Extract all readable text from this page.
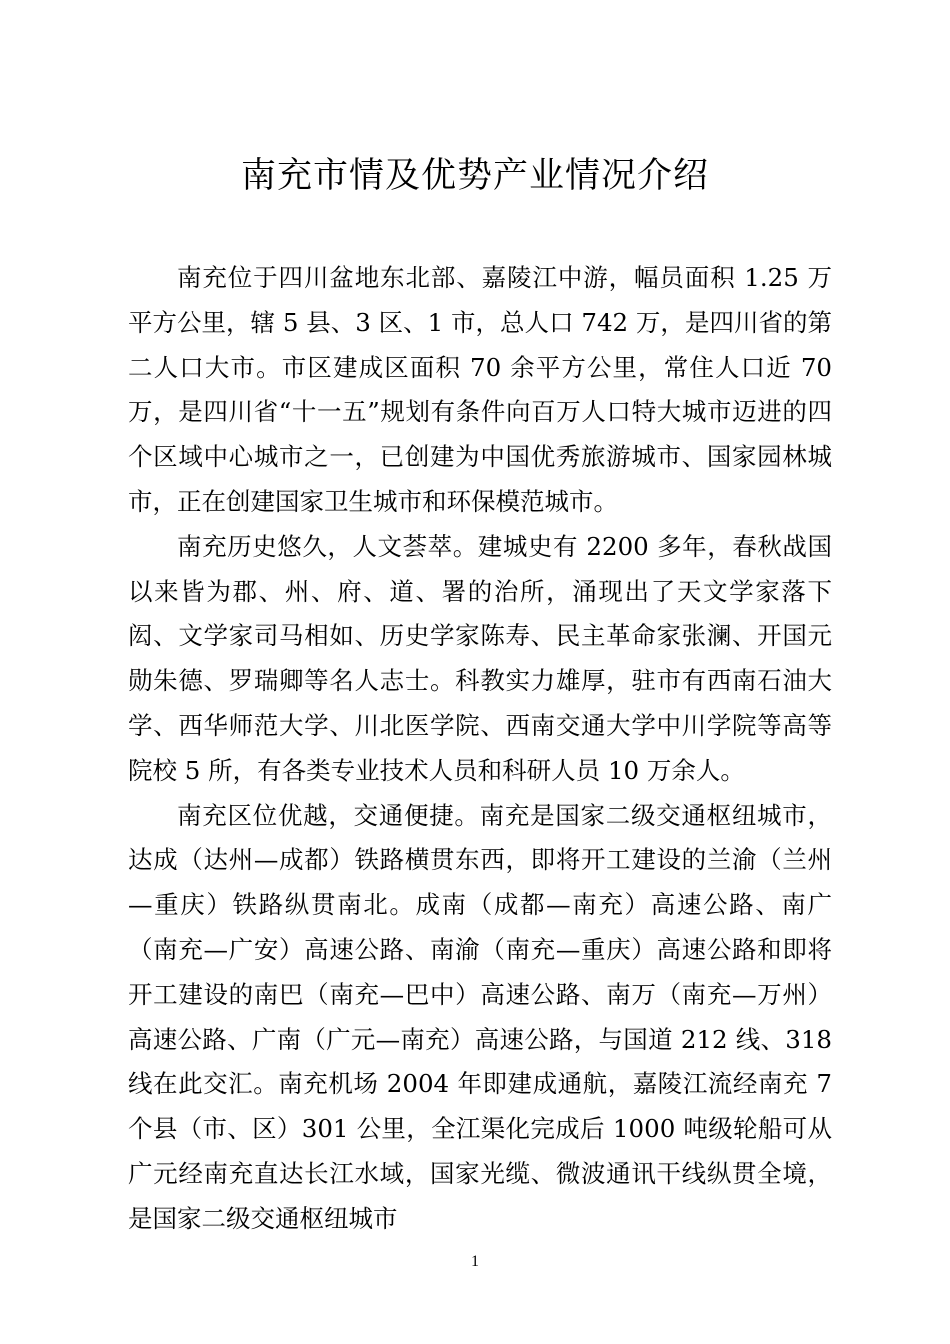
南充市情及优势产业情况介绍

南充位于四川盆地东北部、嘉陵江中游，幅员面积 1.25 万平方公里，辖 5 县、3 区、1 市，总人口 742 万，是四川省的第二人口大市。市区建成区面积 70 余平方公里，常住人口近 70 万，是四川省“十一五”规划有条件向百万人口特大城市迈进的四个区域中心城市之一，已创建为中国优秀旅游城市、国家园林城市，正在创建国家卫生城市和环保模范城市。

南充历史悠久，人文荟萃。建城史有 2200 多年，春秋战国以来皆为郡、州、府、道、署的治所，涌现出了天文学家落下闳、文学家司马相如、历史学家陈寿、民主革命家张澜、开国元勋朱德、罗瑞卿等名人志士。科教实力雄厚，驻市有西南石油大学、西华师范大学、川北医学院、西南交通大学中川学院等高等院校 5 所，有各类专业技术人员和科研人员 10 万余人。

南充区位优越，交通便捷。南充是国家二级交通枢纽城市，达成（达州—成都）铁路横贯东西，即将开工建设的兰渝（兰州—重庆）铁路纵贯南北。成南（成都—南充）高速公路、南广（南充—广安）高速公路、南渝（南充—重庆）高速公路和即将开工建设的南巴（南充—巴中）高速公路、南万（南充—万州）高速公路、广南（广元—南充）高速公路，与国道 212 线、318 线在此交汇。南充机场 2004 年即建成通航，嘉陵江流经南充 7 个县（市、区）301 公里，全江渠化完成后 1000 吨级轮船可从广元经南充直达长江水域，国家光缆、微波通讯干线纵贯全境，是国家二级交通枢纽城市

1
